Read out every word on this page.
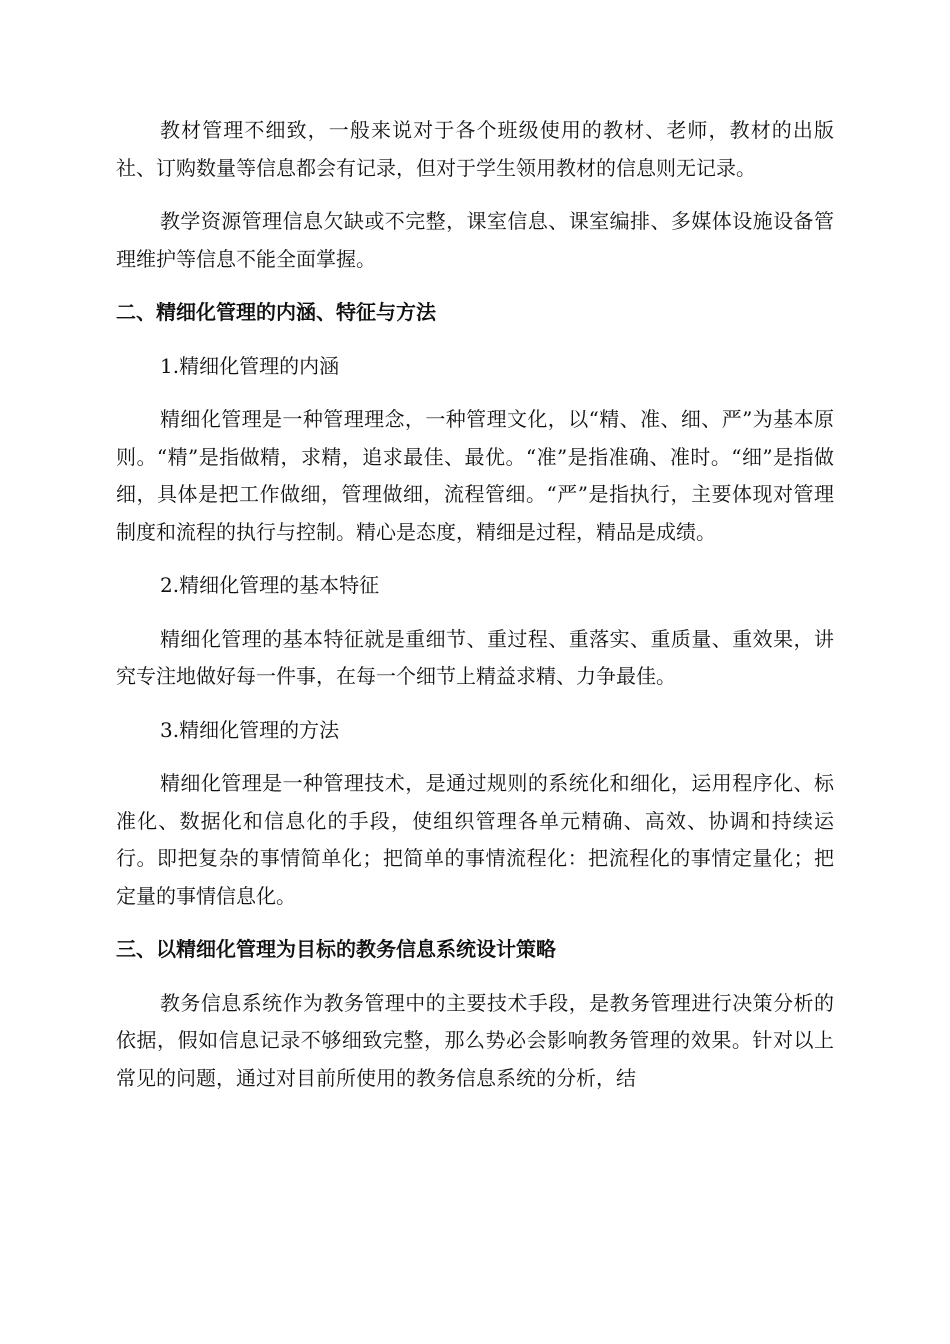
教材管理不细致，一般来说对于各个班级使用的教材、老师，教材的出版社、订购数量等信息都会有记录，但对于学生领用教材的信息则无记录。

教学资源管理信息欠缺或不完整，课室信息、课室编排、多媒体设施设备管理维护等信息不能全面掌握。

二、精细化管理的内涵、特征与方法

1.精细化管理的内涵

精细化管理是一种管理理念，一种管理文化，以“精、准、细、严”为基本原则。“精”是指做精，求精，追求最佳、最优。“准”是指准确、准时。“细”是指做细，具体是把工作做细，管理做细，流程管细。“严”是指执行，主要体现对管理制度和流程的执行与控制。精心是态度，精细是过程，精品是成绩。

2.精细化管理的基本特征

精细化管理的基本特征就是重细节、重过程、重落实、重质量、重效果，讲究专注地做好每一件事，在每一个细节上精益求精、力争最佳。

3.精细化管理的方法

精细化管理是一种管理技术，是通过规则的系统化和细化，运用程序化、标准化、数据化和信息化的手段，使组织管理各单元精确、高效、协调和持续运行。即把复杂的事情简单化；把简单的事情流程化：把流程化的事情定量化；把定量的事情信息化。

三、以精细化管理为目标的教务信息系统设计策略

教务信息系统作为教务管理中的主要技术手段，是教务管理进行决策分析的依据，假如信息记录不够细致完整，那么势必会影响教务管理的效果。针对以上常见的问题，通过对目前所使用的教务信息系统的分析，结
